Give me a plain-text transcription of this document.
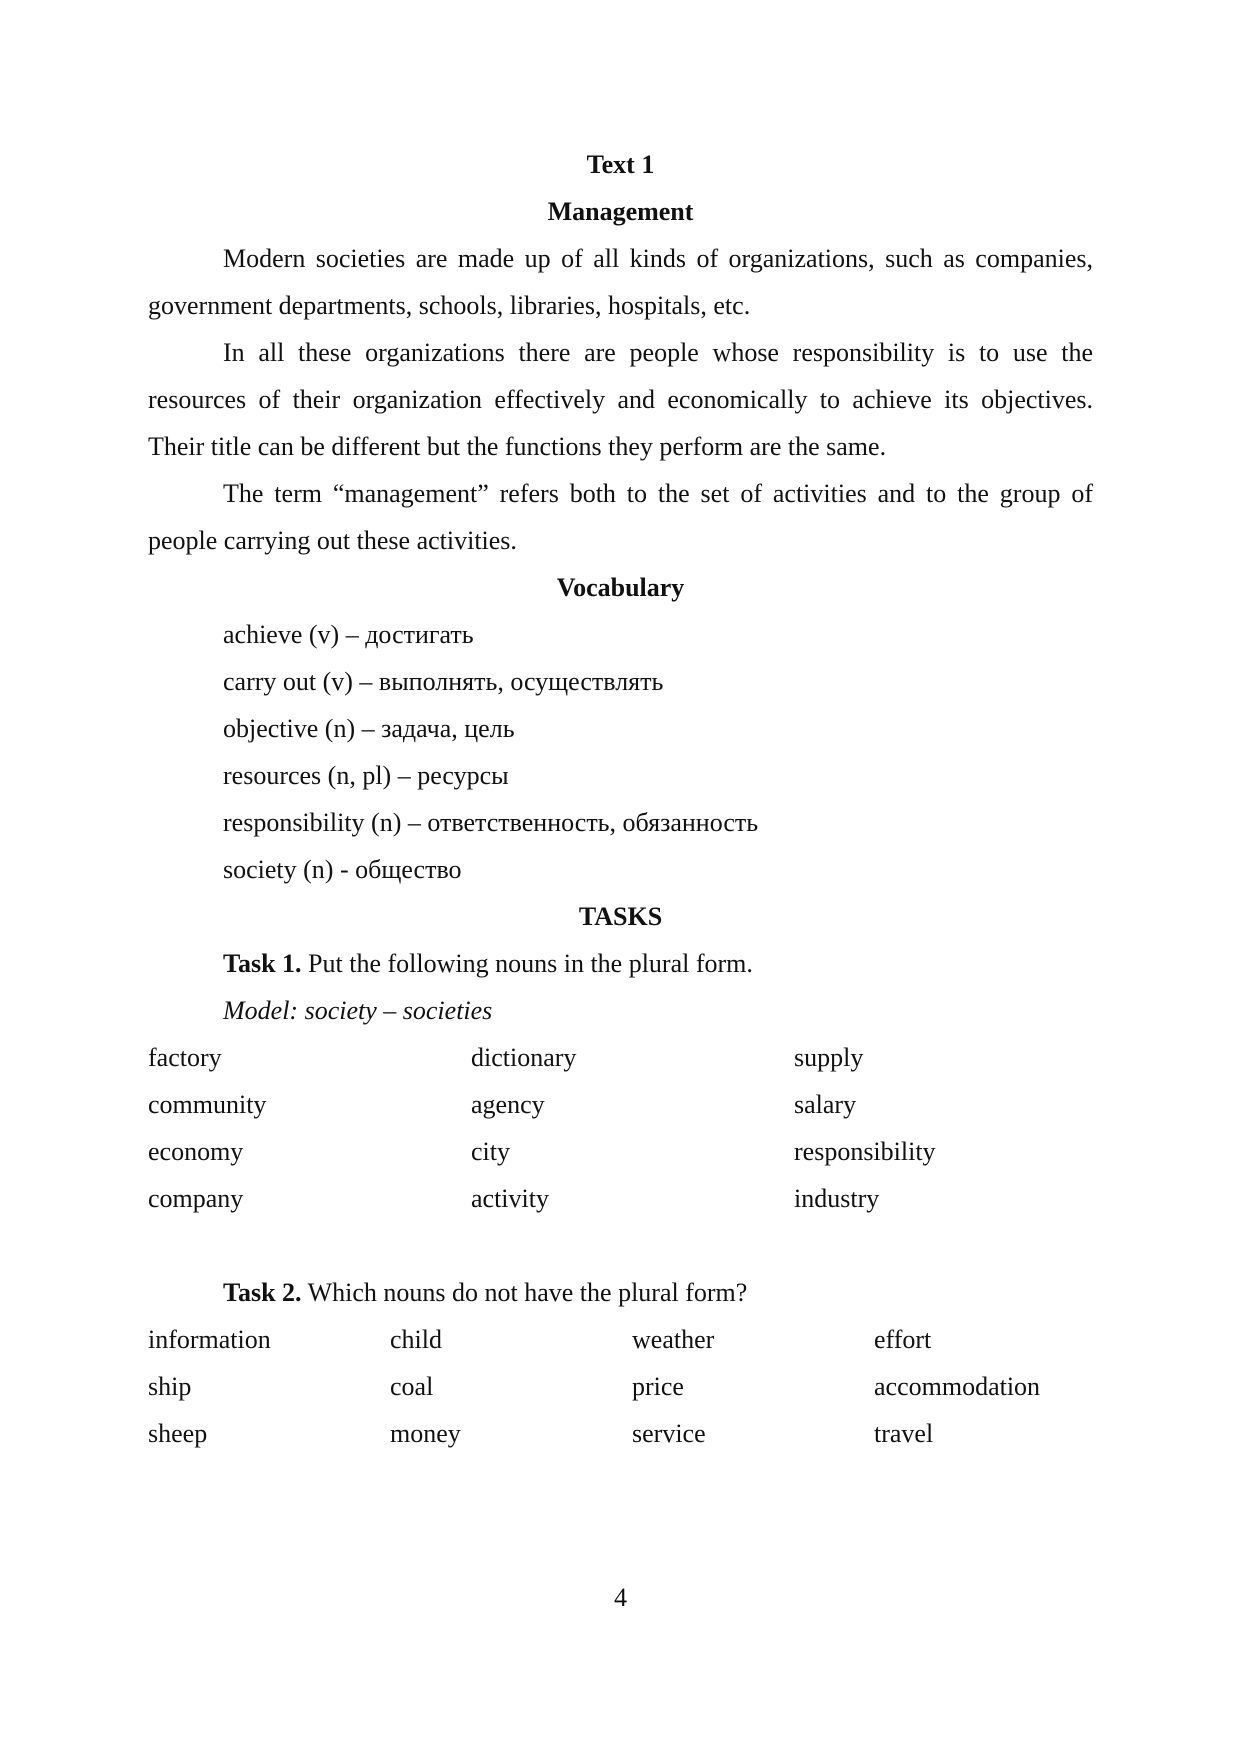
Text 1

Management

Modern societies are made up of all kinds of organizations, such as companies, government departments, schools, libraries, hospitals, etc.

In all these organizations there are people whose responsibility is to use the resources of their organization effectively and economically to achieve its objectives. Their title can be different but the functions they perform are the same.

The term “management” refers both to the set of activities and to the group of people carrying out these activities.

Vocabulary

achieve (v) – достигать
carry out (v) – выполнять, осуществлять
objective (n) – задача, цель
resources (n, pl) – ресурсы
responsibility (n) – ответственность, обязанность
society (n) - общество

TASKS

Task 1. Put the following nouns in the plural form.

Model: society – societies

factory	dictionary	supply
community	agency	salary
economy	city	responsibility
company	activity	industry

Task 2. Which nouns do not have the plural form?

information	child	weather	effort
ship	coal	price	accommodation
sheep	money	service	travel
4
